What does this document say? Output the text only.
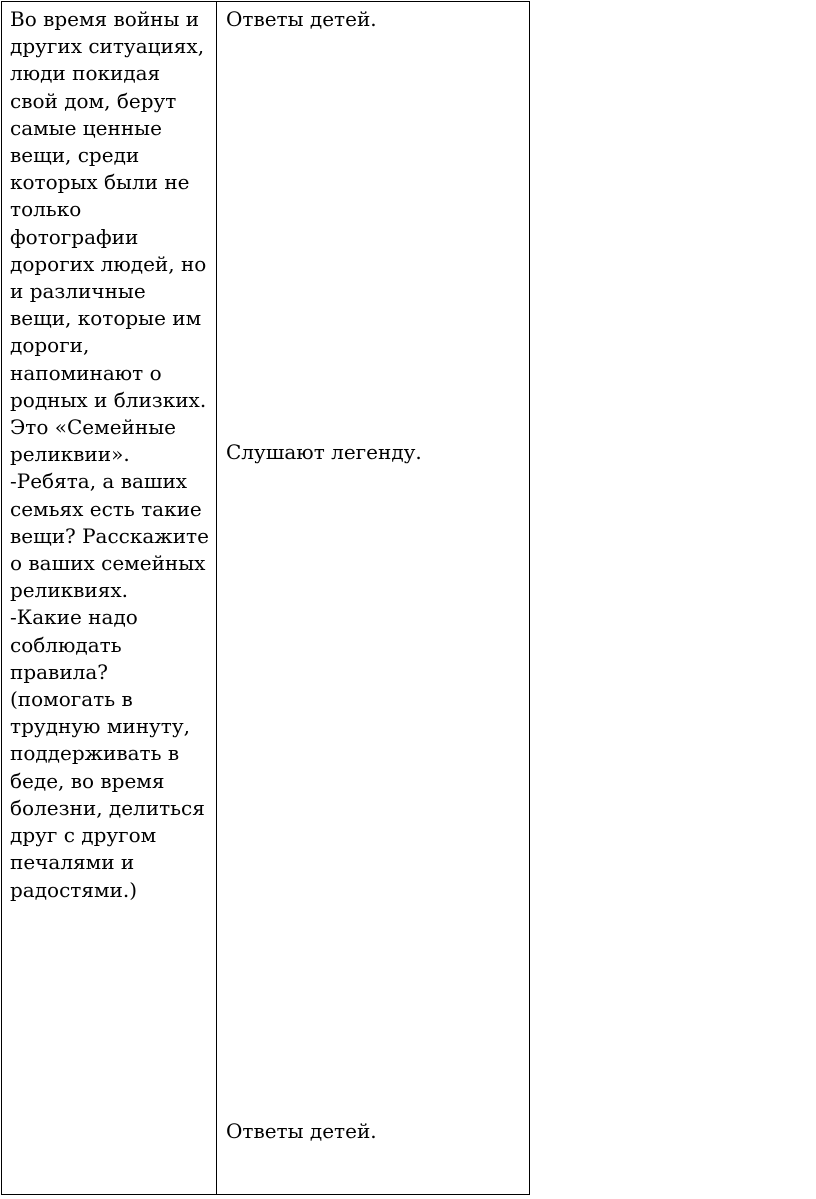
Во время войны и
других ситуациях,
люди покидая
свой дом, берут
самые ценные
вещи, среди
которых были не
только
фотографии
дорогих людей, но
и различные
вещи, которые им
дороги,
напоминают о
родных и близких.
Это «Семейные
реликвии».
-Ребята, а ваших
семьях есть такие
вещи? Расскажите
о ваших семейных
реликвиях.
-Какие надо
соблюдать
правила?
(помогать в
трудную минуту,
поддерживать в
беде, во время
болезни, делиться
друг с другом
печалями и
радостями.)
Ответы детей.
Слушают легенду.
Ответы детей.
